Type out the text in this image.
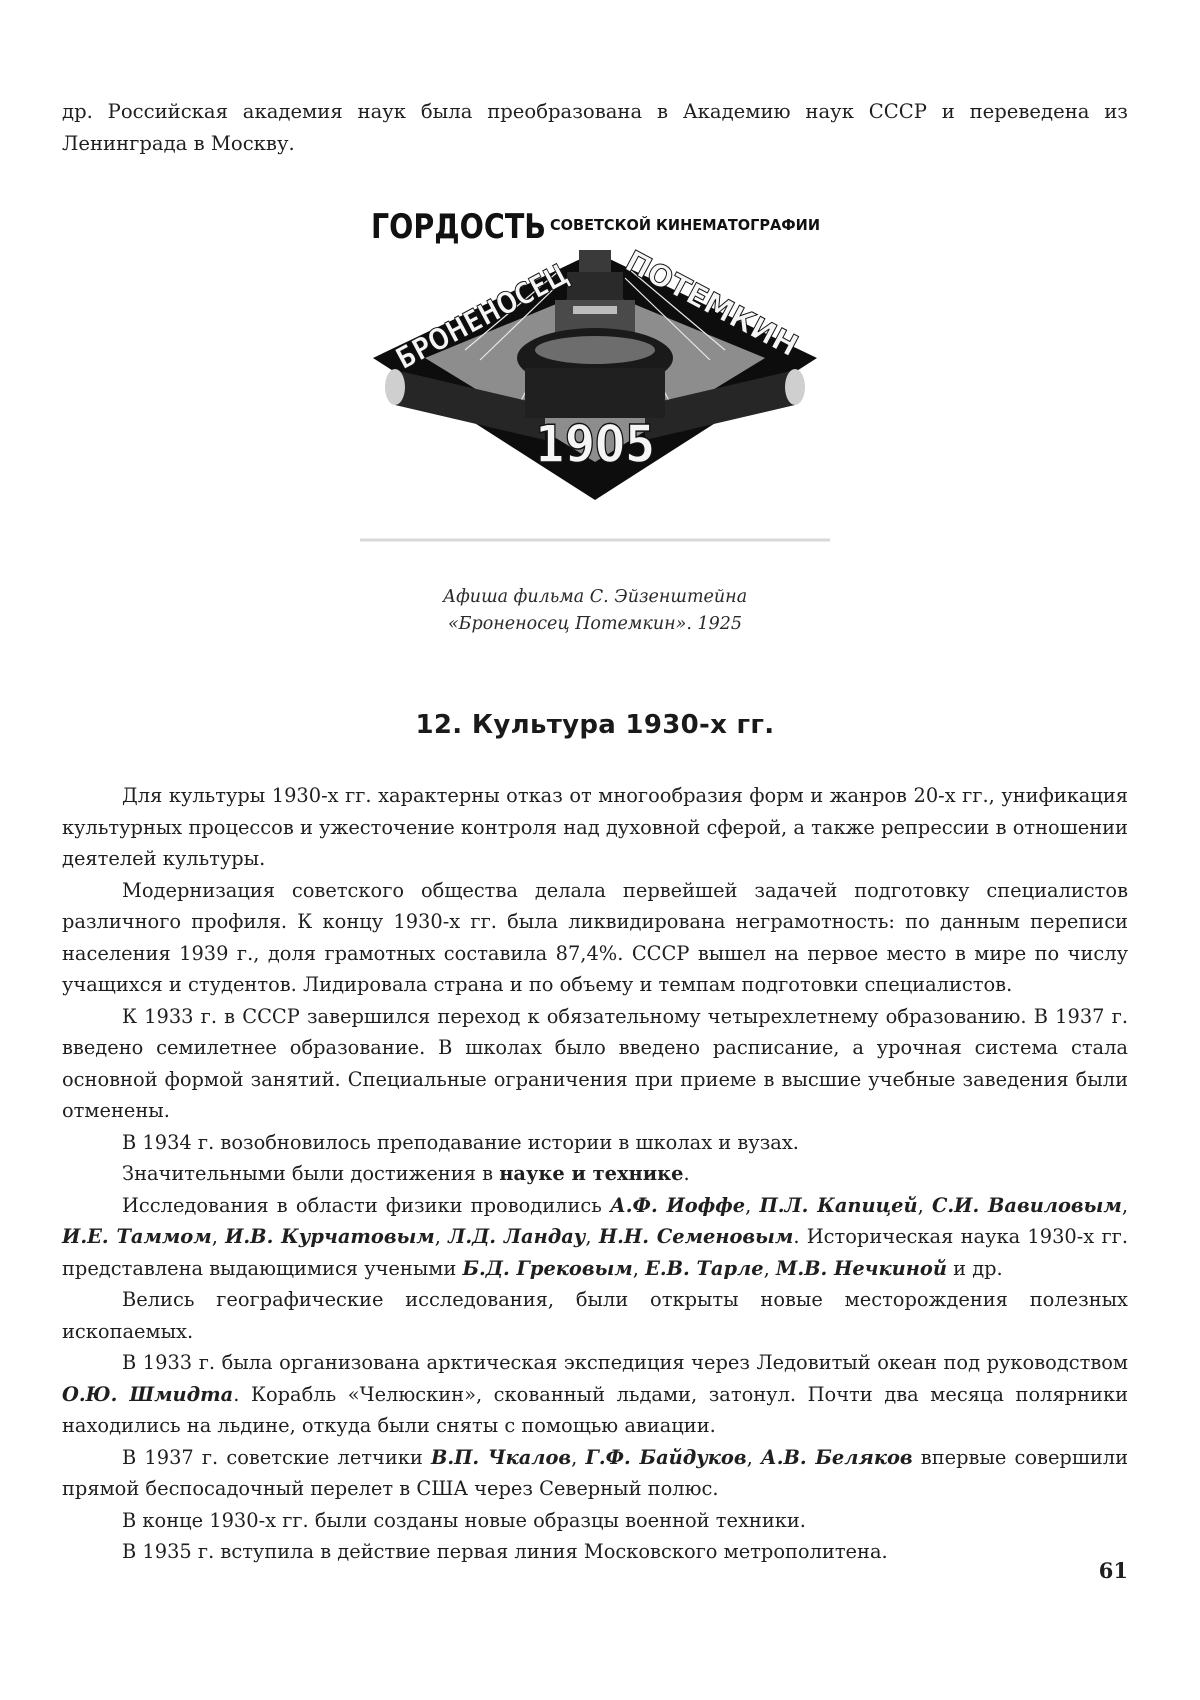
др. Российская академия наук была преобразована в Академию наук СССР и переведена из Ленинграда в Москву.

ГОРДОСТЬ СОВЕТСКОЙ КИНЕМАТОГРАФИИ
БРОНЕНОСЕЦ ПОТЕМКИН
1905
Афиша фильма С. Эйзенштейна
«Броненосец Потемкин». 1925
12. Культура 1930-х гг.

Для культуры 1930-х гг. характерны отказ от многообразия форм и жанров 20-х гг., унификация культурных процессов и ужесточение контроля над духовной сферой, а также репрессии в отношении деятелей культуры.

Модернизация советского общества делала первейшей задачей подготовку специалистов различного профиля. К концу 1930-х гг. была ликвидирована неграмотность: по данным переписи населения 1939 г., доля грамотных составила 87,4%. СССР вышел на первое место в мире по числу учащихся и студентов. Лидировала страна и по объему и темпам подготовки специалистов.

К 1933 г. в СССР завершился переход к обязательному четырехлетнему образованию. В 1937 г. введено семилетнее образование. В школах было введено расписание, а урочная система стала основной формой занятий. Специальные ограничения при приеме в высшие учебные заведения были отменены.

В 1934 г. возобновилось преподавание истории в школах и вузах.

Значительными были достижения в науке и технике.

Исследования в области физики проводились А.Ф. Иоффе, П.Л. Капицей, С.И. Вавиловым, И.Е. Таммом, И.В. Курчатовым, Л.Д. Ландау, Н.Н. Семеновым. Историческая наука 1930-х гг. представлена выдающимися учеными Б.Д. Грековым, Е.В. Тарле, М.В. Нечкиной и др.

Велись географические исследования, были открыты новые месторождения полезных ископаемых.

В 1933 г. была организована арктическая экспедиция через Ледовитый океан под руководством О.Ю. Шмидта. Корабль «Челюскин», скованный льдами, затонул. Почти два месяца полярники находились на льдине, откуда были сняты с помощью авиации.

В 1937 г. советские летчики В.П. Чкалов, Г.Ф. Байдуков, А.В. Беляков впервые совершили прямой беспосадочный перелет в США через Северный полюс.

В конце 1930-х гг. были созданы новые образцы военной техники.

В 1935 г. вступила в действие первая линия Московского метрополитена.

61
